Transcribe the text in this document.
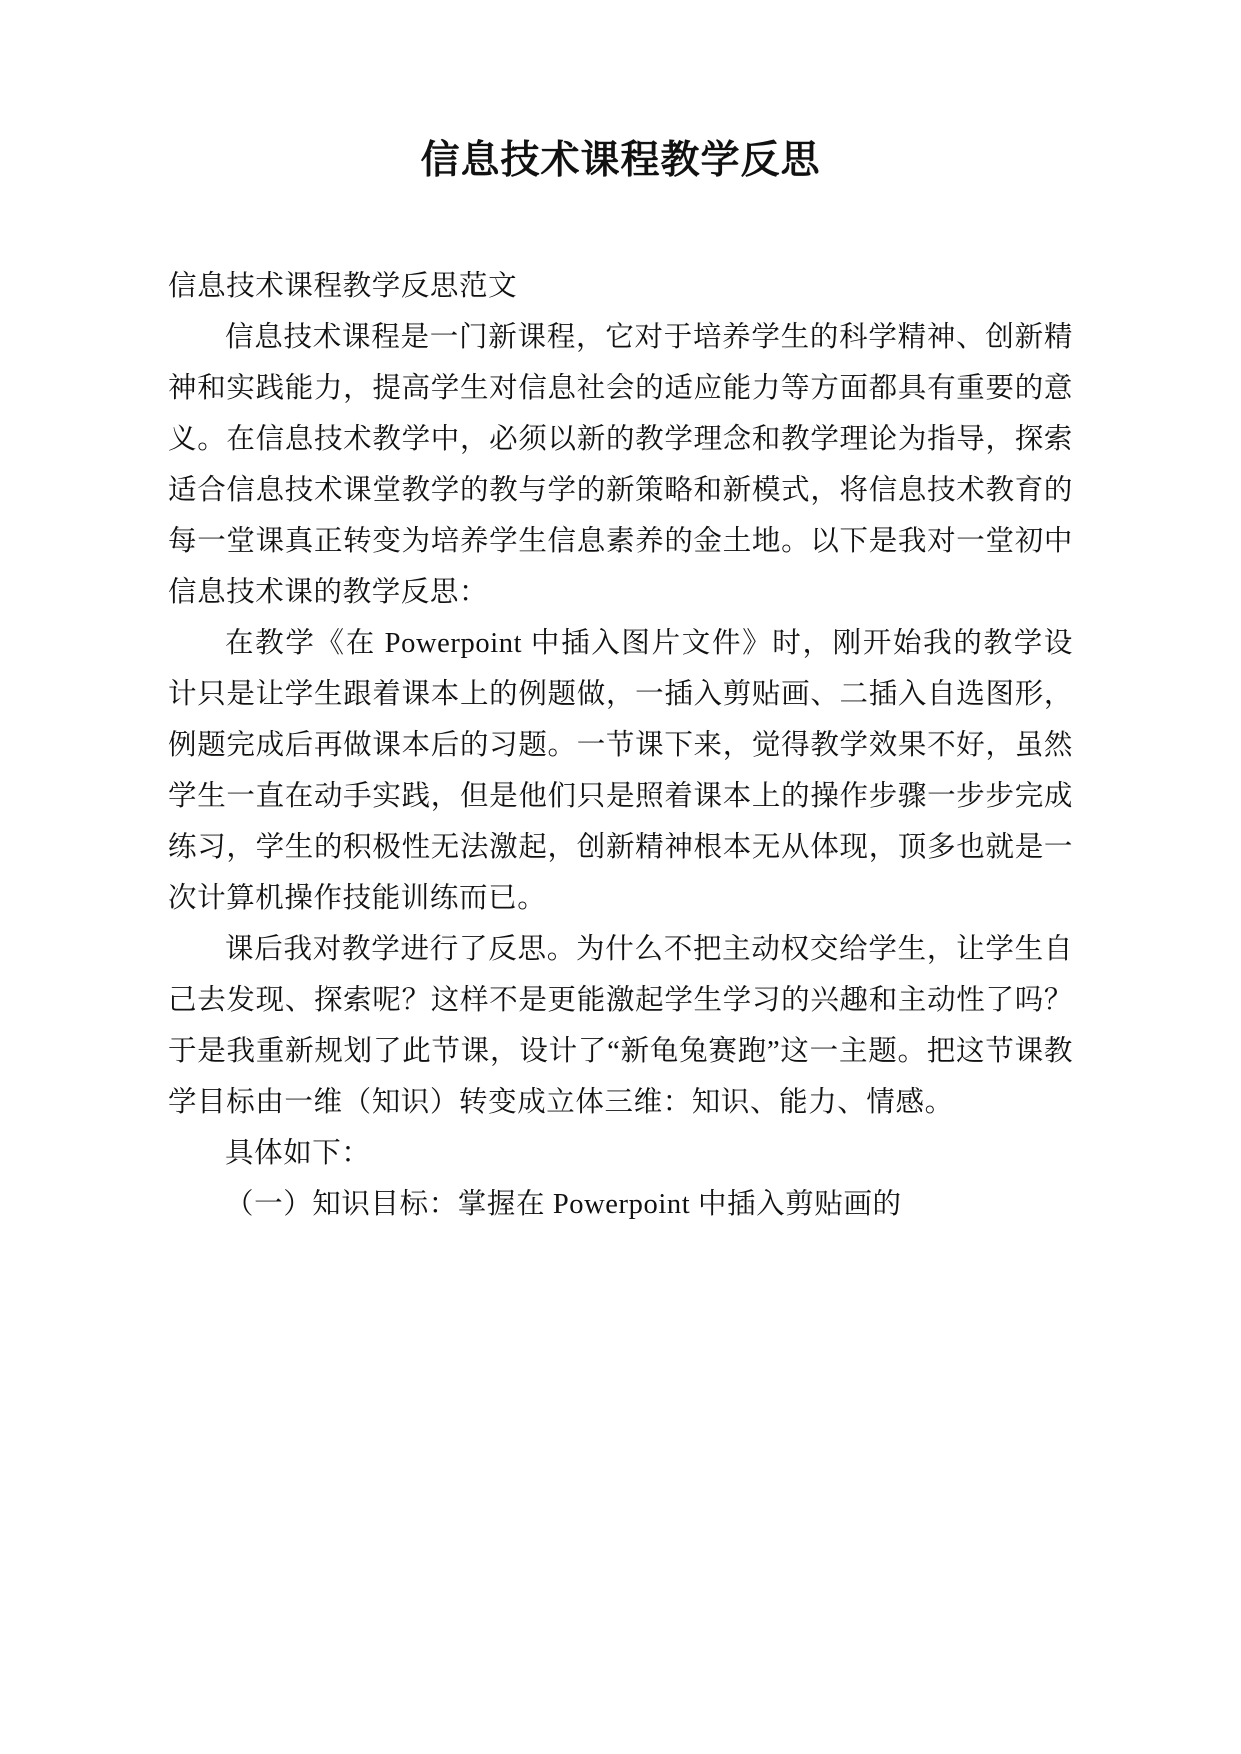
信息技术课程教学反思

信息技术课程教学反思范文

信息技术课程是一门新课程，它对于培养学生的科学精神、创新精神和实践能力，提高学生对信息社会的适应能力等方面都具有重要的意义。在信息技术教学中，必须以新的教学理念和教学理论为指导，探索适合信息技术课堂教学的教与学的新策略和新模式，将信息技术教育的每一堂课真正转变为培养学生信息素养的金土地。以下是我对一堂初中信息技术课的教学反思：

在教学《在 Powerpoint 中插入图片文件》时，刚开始我的教学设计只是让学生跟着课本上的例题做，一插入剪贴画、二插入自选图形，例题完成后再做课本后的习题。一节课下来，觉得教学效果不好，虽然学生一直在动手实践，但是他们只是照着课本上的操作步骤一步步完成练习，学生的积极性无法激起，创新精神根本无从体现，顶多也就是一次计算机操作技能训练而已。

课后我对教学进行了反思。为什么不把主动权交给学生，让学生自己去发现、探索呢？这样不是更能激起学生学习的兴趣和主动性了吗？于是我重新规划了此节课，设计了“新龟兔赛跑”这一主题。把这节课教学目标由一维（知识）转变成立体三维：知识、能力、情感。

具体如下：

（一）知识目标：掌握在 Powerpoint 中插入剪贴画的
